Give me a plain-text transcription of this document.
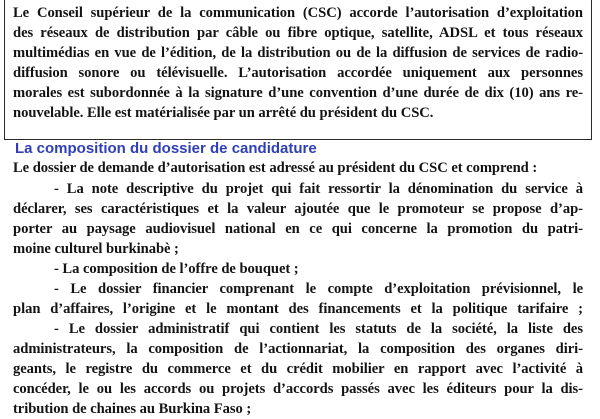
Le Conseil supérieur de la communication (CSC) accorde l’autorisation d’exploitation
des réseaux de distribution par câble ou fibre optique, satellite, ADSL et tous réseaux
multimédias en vue de l’édition, de la distribution ou de la diffusion de services de radio-
diffusion sonore ou télévisuelle. L’autorisation accordée uniquement aux personnes
morales est subordonnée à la signature d’une convention d’une durée de dix (10) ans re-
nouvelable. Elle est matérialisée par un arrêté du président du CSC.
La composition du dossier de candidature
Le dossier de demande d’autorisation est adressé au président du CSC et comprend :
- La note descriptive du projet qui fait ressortir la dénomination du service à
déclarer, ses caractéristiques et la valeur ajoutée que le promoteur se propose d’ap-
porter au paysage audiovisuel national en ce qui concerne la promotion du patri-
moine culturel burkinabè ;
- La composition de l’offre de bouquet ;
- Le dossier financier comprenant le compte d’exploitation prévisionnel, le
plan d’affaires, l’origine et le montant des financements et la politique tarifaire ;
- Le dossier administratif qui contient les statuts de la société, la liste des
administrateurs, la composition de l’actionnariat, la composition des organes diri-
geants, le registre du commerce et du crédit mobilier en rapport avec l’activité à
concéder, le ou les accords ou projets d’accords passés avec les éditeurs pour la dis-
tribution de chaines au Burkina Faso ;
